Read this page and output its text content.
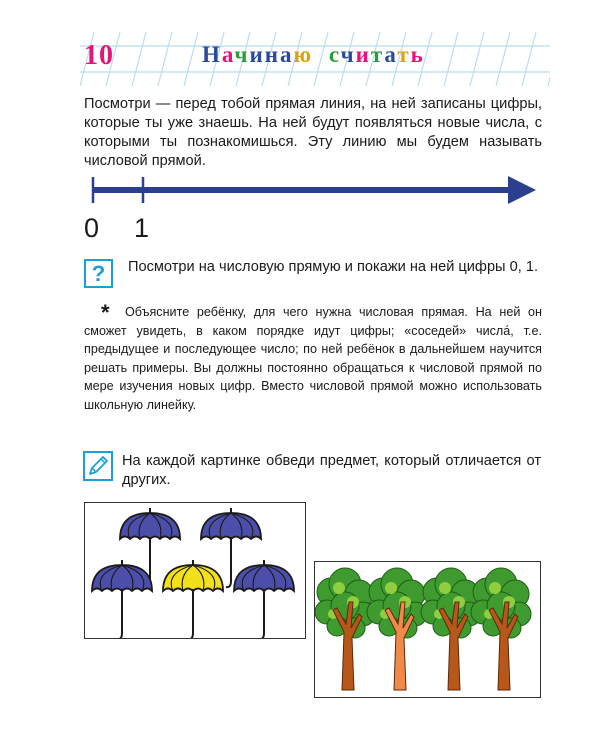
10	Начинаю считать

Посмотри — перед тобой прямая линия, на ней записаны цифры, которые ты уже знаешь. На ней будут появляться новые числа, с которыми ты познакомишься. Эту линию мы будем называть числовой прямой.

0 1
?	Посмотри на числовую прямую и покажи на ней цифры 0, 1.

*	Объясните ребёнку, для чего нужна числовая прямая. На ней он сможет увидеть, в каком порядке идут цифры; «соседей» числа́, т.е. предыдущее и последующее число; по ней ребёнок в дальнейшем научится решать примеры. Вы должны постоянно обращаться к числовой прямой по мере изучения новых цифр. Вместо числовой прямой можно использовать школьную линейку.

На каждой картинке обведи предмет, который отличается от других.
